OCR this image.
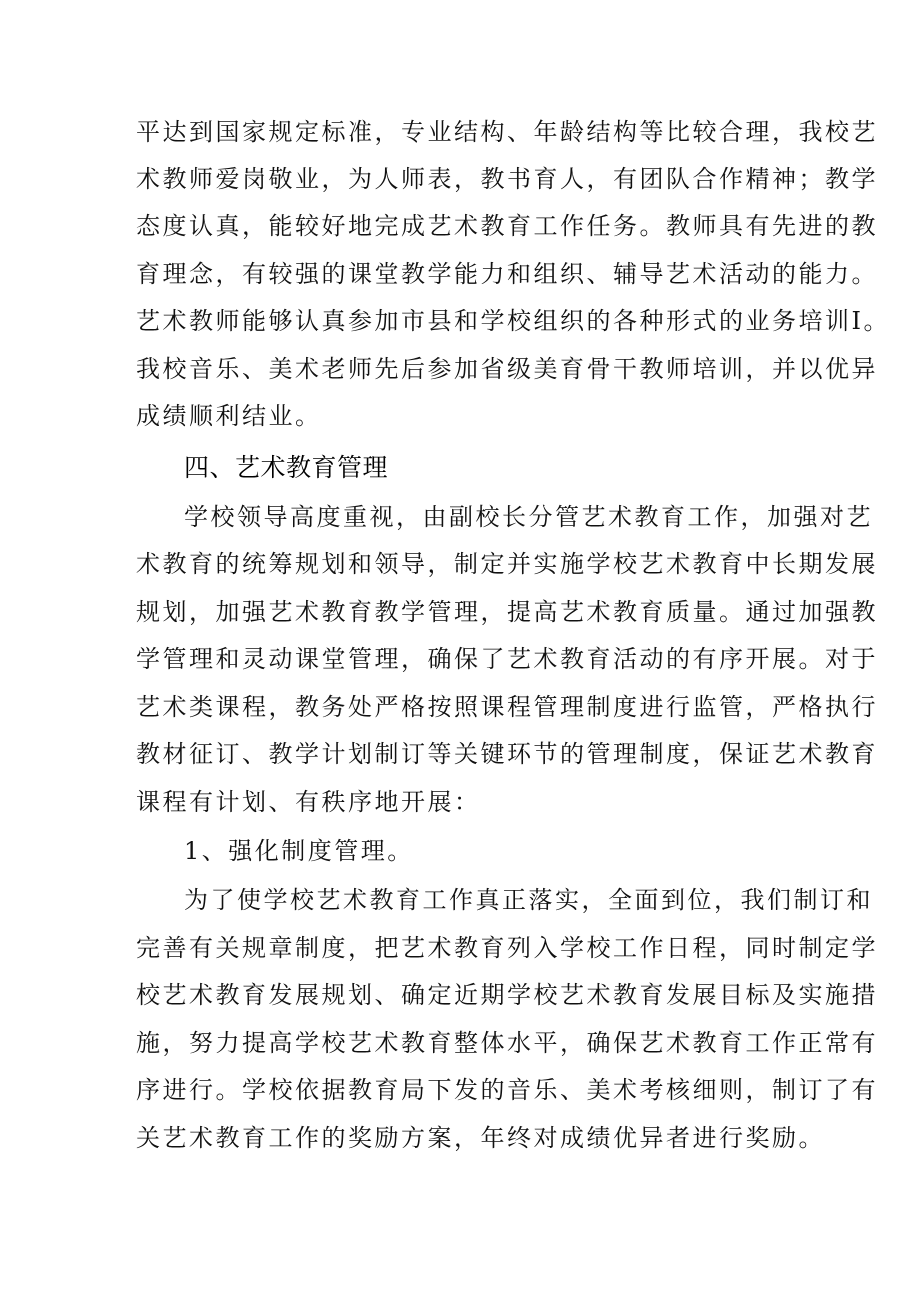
平达到国家规定标准，专业结构、年龄结构等比较合理，我校艺
术教师爱岗敬业，为人师表，教书育人，有团队合作精神；教学
态度认真，能较好地完成艺术教育工作任务。教师具有先进的教
育理念，有较强的课堂教学能力和组织、辅导艺术活动的能力。
艺术教师能够认真参加市县和学校组织的各种形式的业务培训I。
我校音乐、美术老师先后参加省级美育骨干教师培训，并以优异
成绩顺利结业。
四、艺术教育管理
学校领导高度重视，由副校长分管艺术教育工作，加强对艺
术教育的统筹规划和领导，制定并实施学校艺术教育中长期发展
规划，加强艺术教育教学管理，提高艺术教育质量。通过加强教
学管理和灵动课堂管理，确保了艺术教育活动的有序开展。对于
艺术类课程，教务处严格按照课程管理制度进行监管，严格执行
教材征订、教学计划制订等关键环节的管理制度，保证艺术教育
课程有计划、有秩序地开展：
1、强化制度管理。
为了使学校艺术教育工作真正落实，全面到位，我们制订和
完善有关规章制度，把艺术教育列入学校工作日程，同时制定学
校艺术教育发展规划、确定近期学校艺术教育发展目标及实施措
施，努力提高学校艺术教育整体水平，确保艺术教育工作正常有
序进行。学校依据教育局下发的音乐、美术考核细则，制订了有
关艺术教育工作的奖励方案，年终对成绩优异者进行奖励。
